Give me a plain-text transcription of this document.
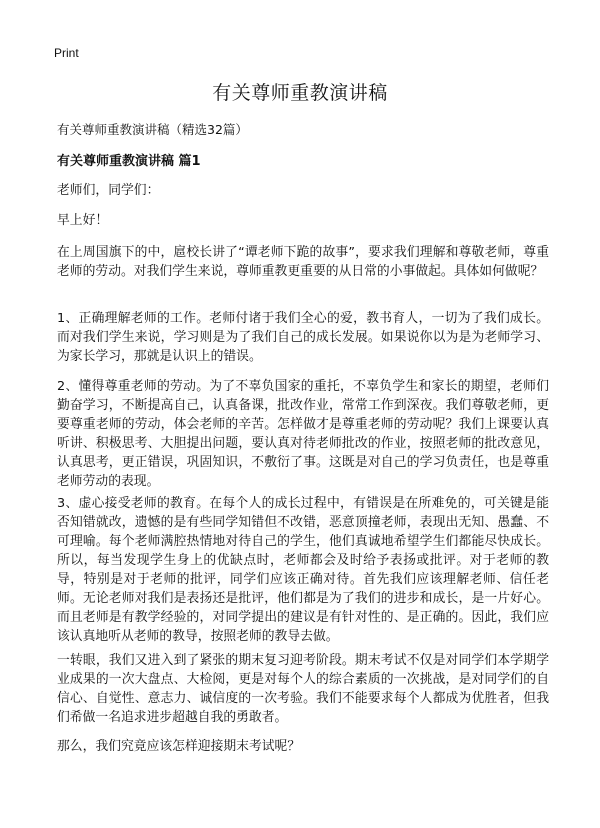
Print
有关尊师重教演讲稿

有关尊师重教演讲稿（精选32篇）

有关尊师重教演讲稿 篇1

老师们，同学们：

早上好！

在上周国旗下的中，扈校长讲了“谭老师下跪的故事”，要求我们理解和尊敬老师，尊重老师的劳动。对我们学生来说，尊师重教更重要的从日常的小事做起。具体如何做呢？

1、正确理解老师的工作。老师付诸于我们全心的爱，教书育人，一切为了我们成长。而对我们学生来说，学习则是为了我们自己的成长发展。如果说你以为是为老师学习、为家长学习，那就是认识上的错误。

2、懂得尊重老师的劳动。为了不辜负国家的重托，不辜负学生和家长的期望，老师们勤奋学习，不断提高自己，认真备课，批改作业，常常工作到深夜。我们尊敬老师，更要尊重老师的劳动，体会老师的辛苦。怎样做才是尊重老师的劳动呢？我们上课要认真听讲、积极思考、大胆提出问题，要认真对待老师批改的作业，按照老师的批改意见，认真思考，更正错误，巩固知识，不敷衍了事。这既是对自己的学习负责任，也是尊重老师劳动的表现。

3、虚心接受老师的教育。在每个人的成长过程中，有错误是在所难免的，可关键是能否知错就改，遗憾的是有些同学知错但不改错，恶意顶撞老师，表现出无知、愚蠢、不可理喻。每个老师满腔热情地对待自己的学生，他们真诚地希望学生们都能尽快成长。所以，每当发现学生身上的优缺点时，老师都会及时给予表扬或批评。对于老师的教导，特别是对于老师的批评，同学们应该正确对待。首先我们应该理解老师、信任老师。无论老师对我们是表扬还是批评，他们都是为了我们的进步和成长，是一片好心。而且老师是有教学经验的，对同学提出的建议是有针对性的、是正确的。因此，我们应该认真地听从老师的教导，按照老师的教导去做。

一转眼，我们又进入到了紧张的期末复习迎考阶段。期末考试不仅是对同学们本学期学业成果的一次大盘点、大检阅，更是对每个人的综合素质的一次挑战，是对同学们的自信心、自觉性、意志力、诚信度的一次考验。我们不能要求每个人都成为优胜者，但我们希做一名追求进步超越自我的勇敢者。

那么，我们究竟应该怎样迎接期末考试呢？
